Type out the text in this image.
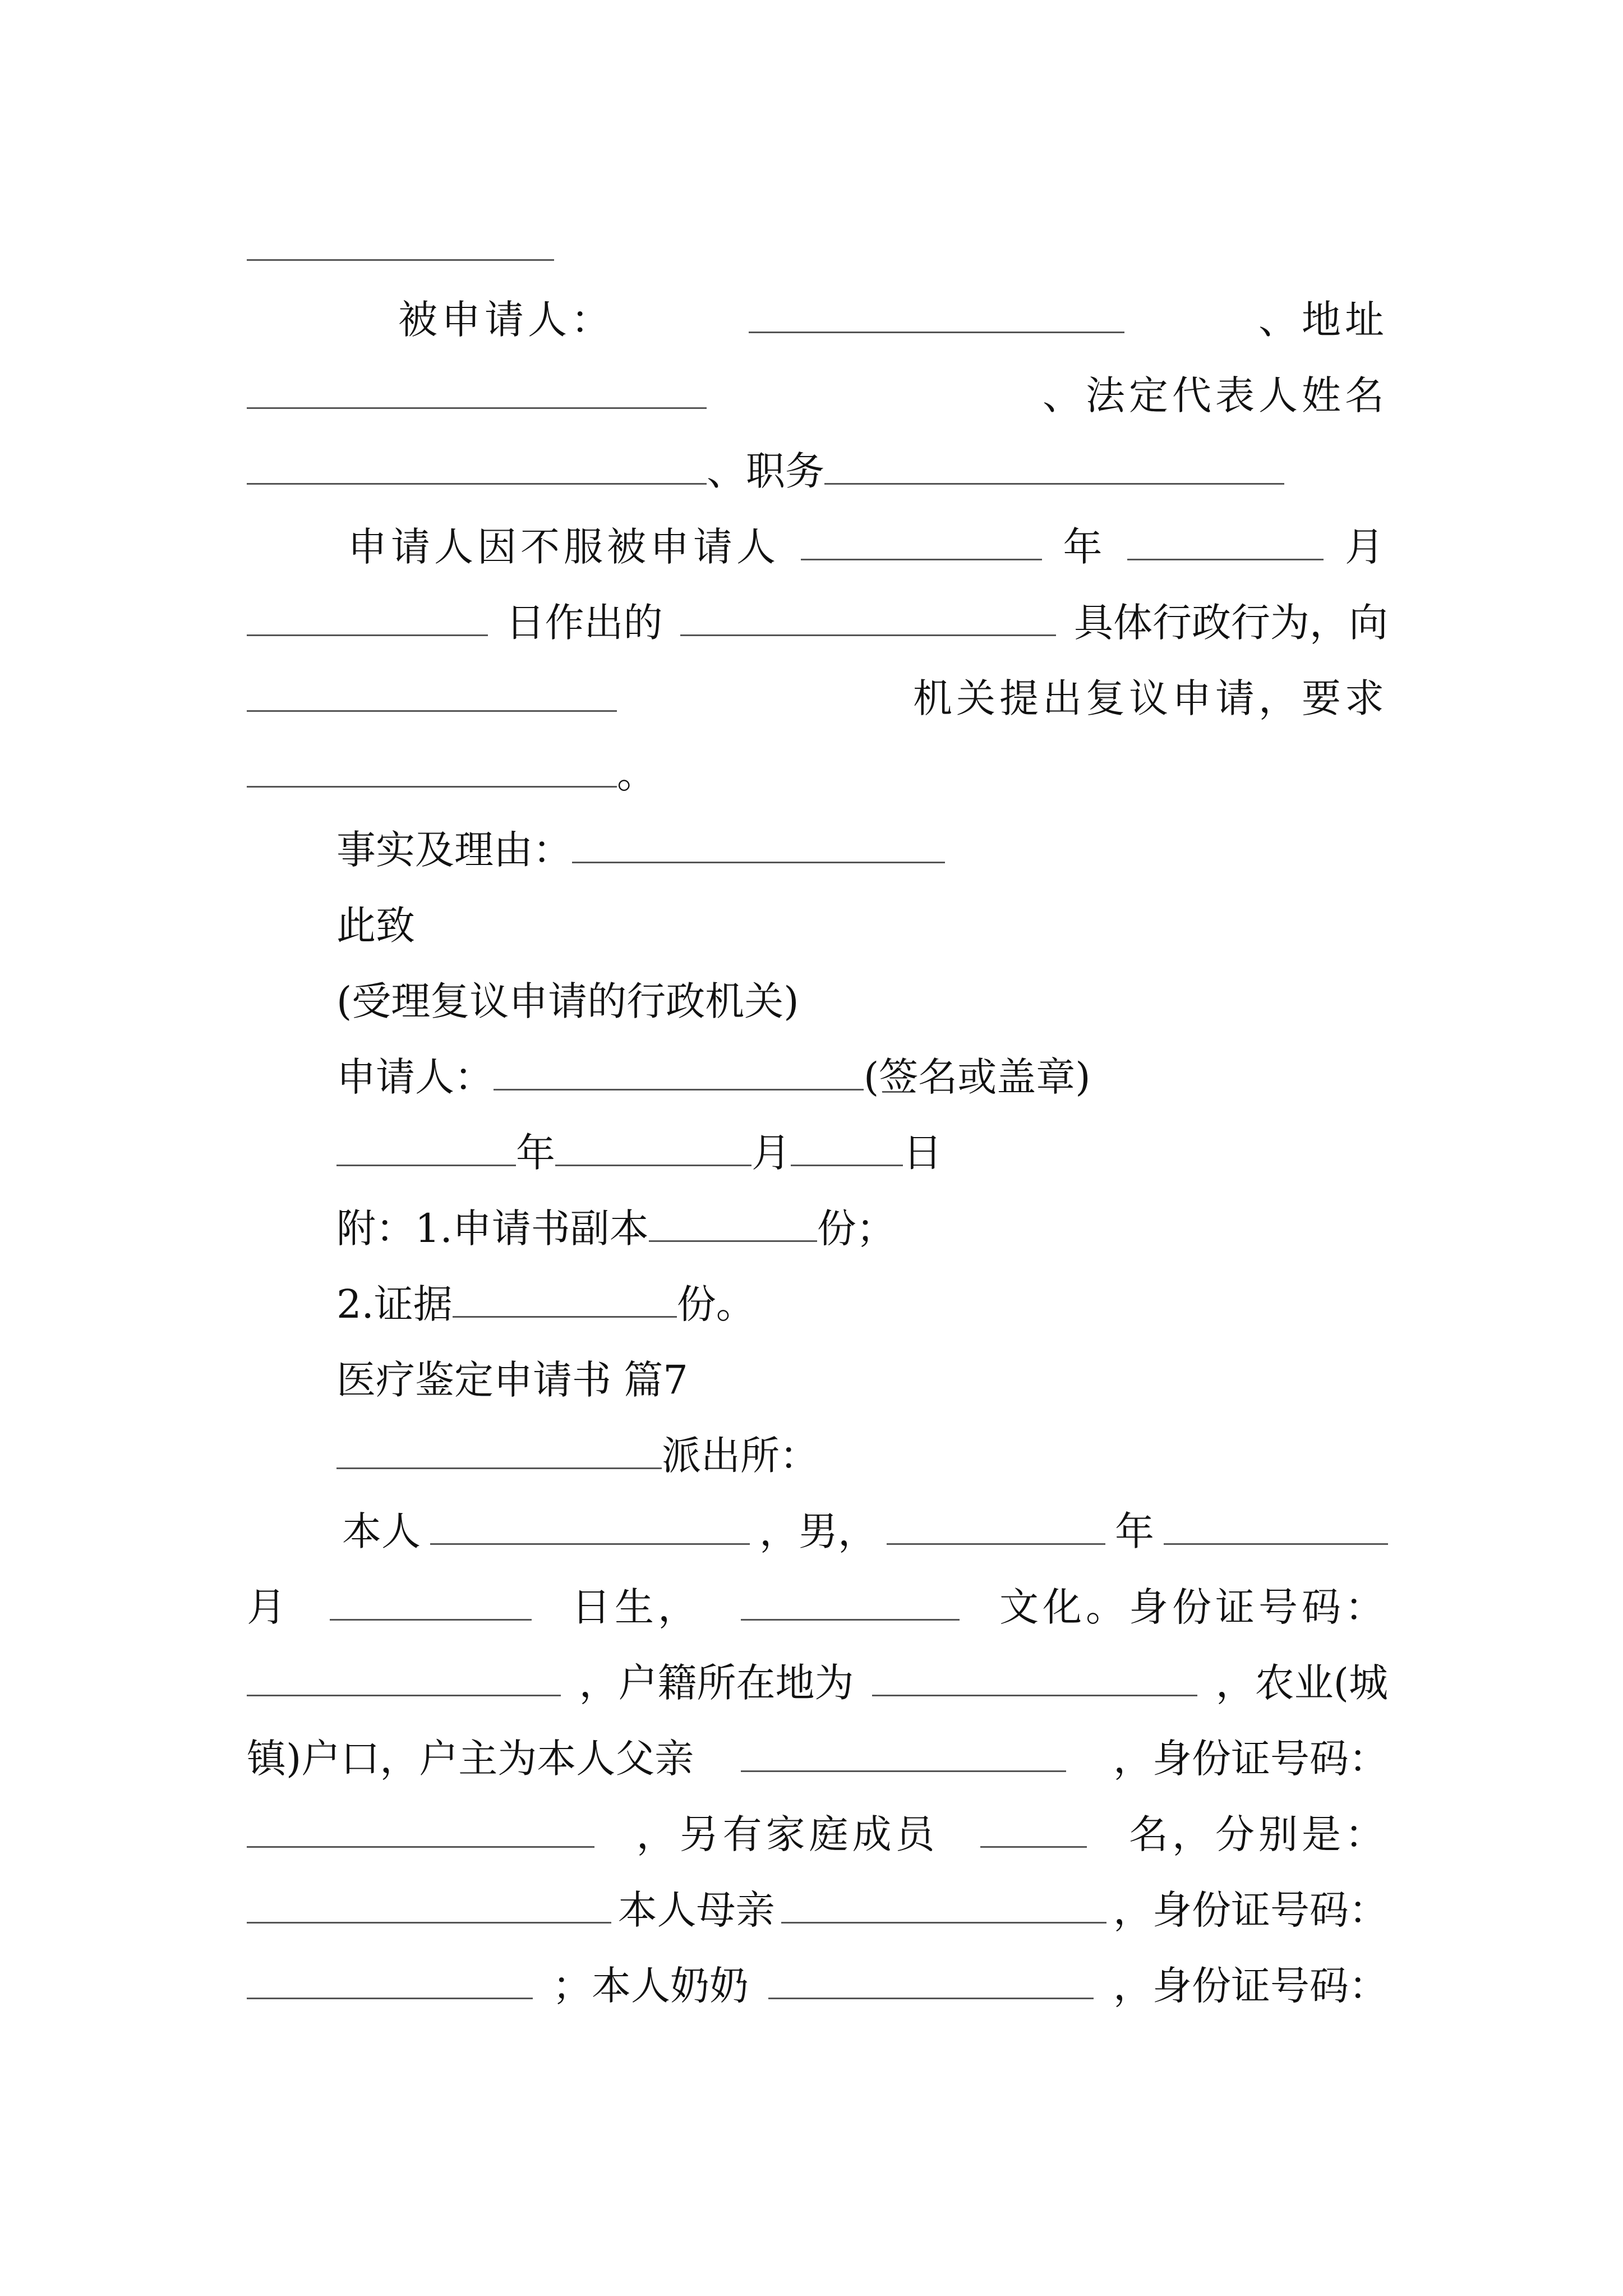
被申请人：	、地址
、法定代表人姓名
、职务
申请人因不服被申请人	年	月
日作出的	具体行政行为，向
机关提出复议申请，要求
。
事实及理由：
此致
(受理复议申请的行政机关)
申请人：	(签名或盖章)
年	月	日
附：1.申请书副本	份；
2.证据	份。
医疗鉴定申请书 篇7
派出所：
本人	，男，	年
月	日生，	文化。身份证号码：
，户籍所在地为	，农业(城
镇)户口，户主为本人父亲	，身份证号码：
，另有家庭成员	名，分别是：
本人母亲	，身份证号码：
；本人奶奶	，身份证号码：
